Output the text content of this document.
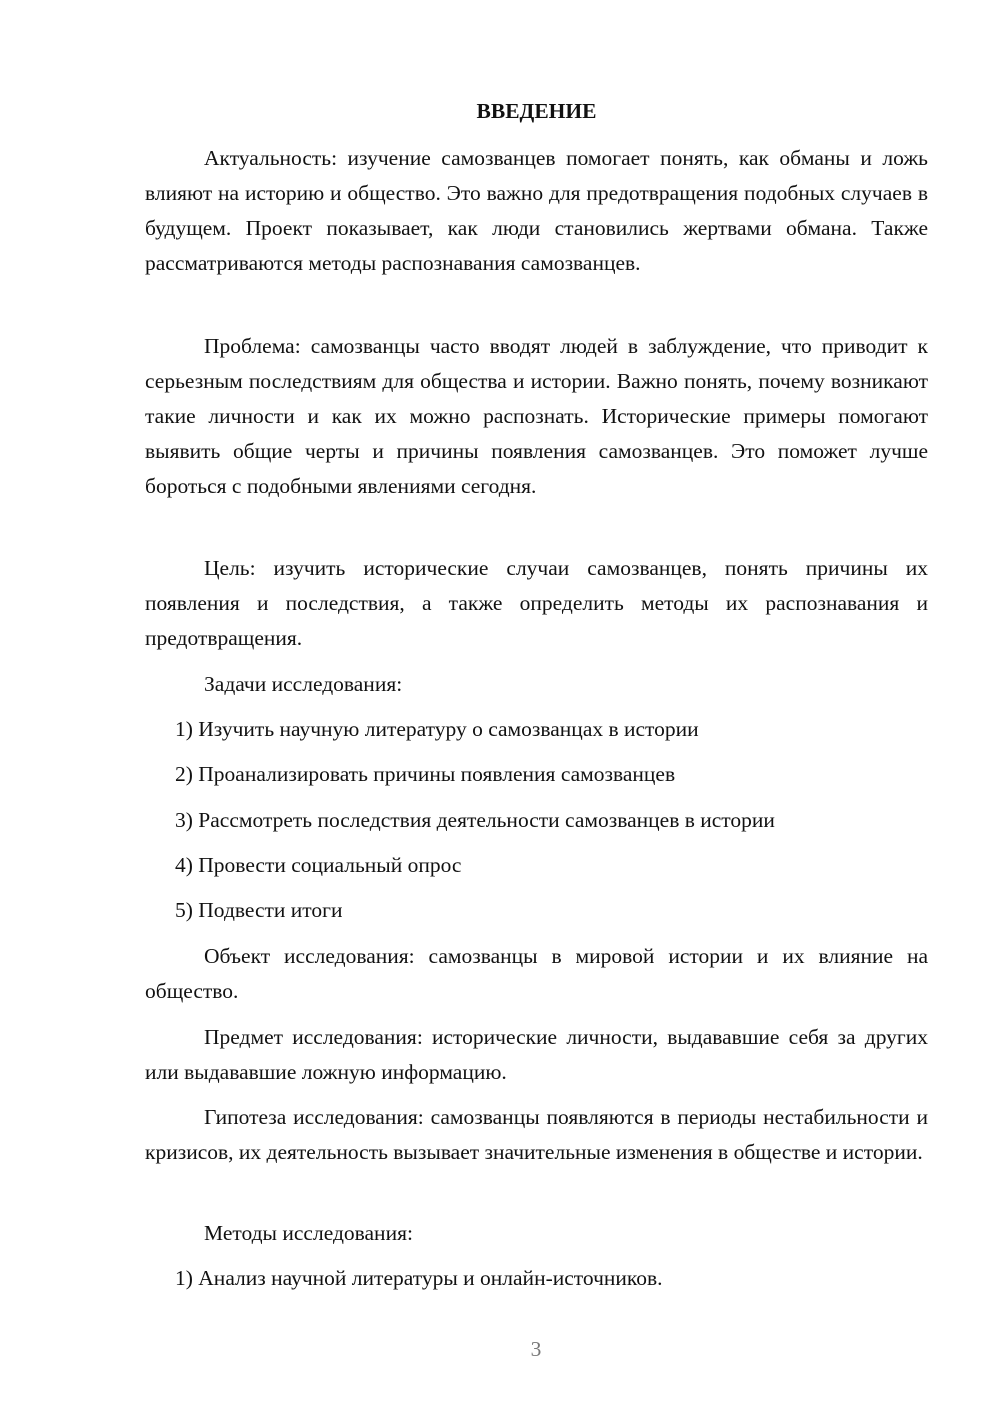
ВВЕДЕНИЕ

Актуальность: изучение самозванцев помогает понять, как обманы и ложь влияют на историю и общество. Это важно для предотвращения подобных случаев в будущем. Проект показывает, как люди становились жертвами обмана. Также рассматриваются методы распознавания самозванцев.

Проблема: самозванцы часто вводят людей в заблуждение, что приводит к серьезным последствиям для общества и истории. Важно понять, почему возникают такие личности и как их можно распознать. Исторические примеры помогают выявить общие черты и причины появления самозванцев. Это поможет лучше бороться с подобными явлениями сегодня.

Цель: изучить исторические случаи самозванцев, понять причины их появления и последствия, а также определить методы их распознавания и предотвращения.

Задачи исследования:
1) Изучить научную литературу о самозванцах в истории
2) Проанализировать причины появления самозванцев
3) Рассмотреть последствия деятельности самозванцев в истории
4) Провести социальный опрос
5) Подвести итоги

Объект исследования: самозванцы в мировой истории и их влияние на общество.

Предмет исследования: исторические личности, выдававшие себя за других или выдававшие ложную информацию.

Гипотеза исследования: самозванцы появляются в периоды нестабильности и кризисов, их деятельность вызывает значительные изменения в обществе и истории.

Методы исследования:
1) Анализ научной литературы и онлайн-источников.
3
